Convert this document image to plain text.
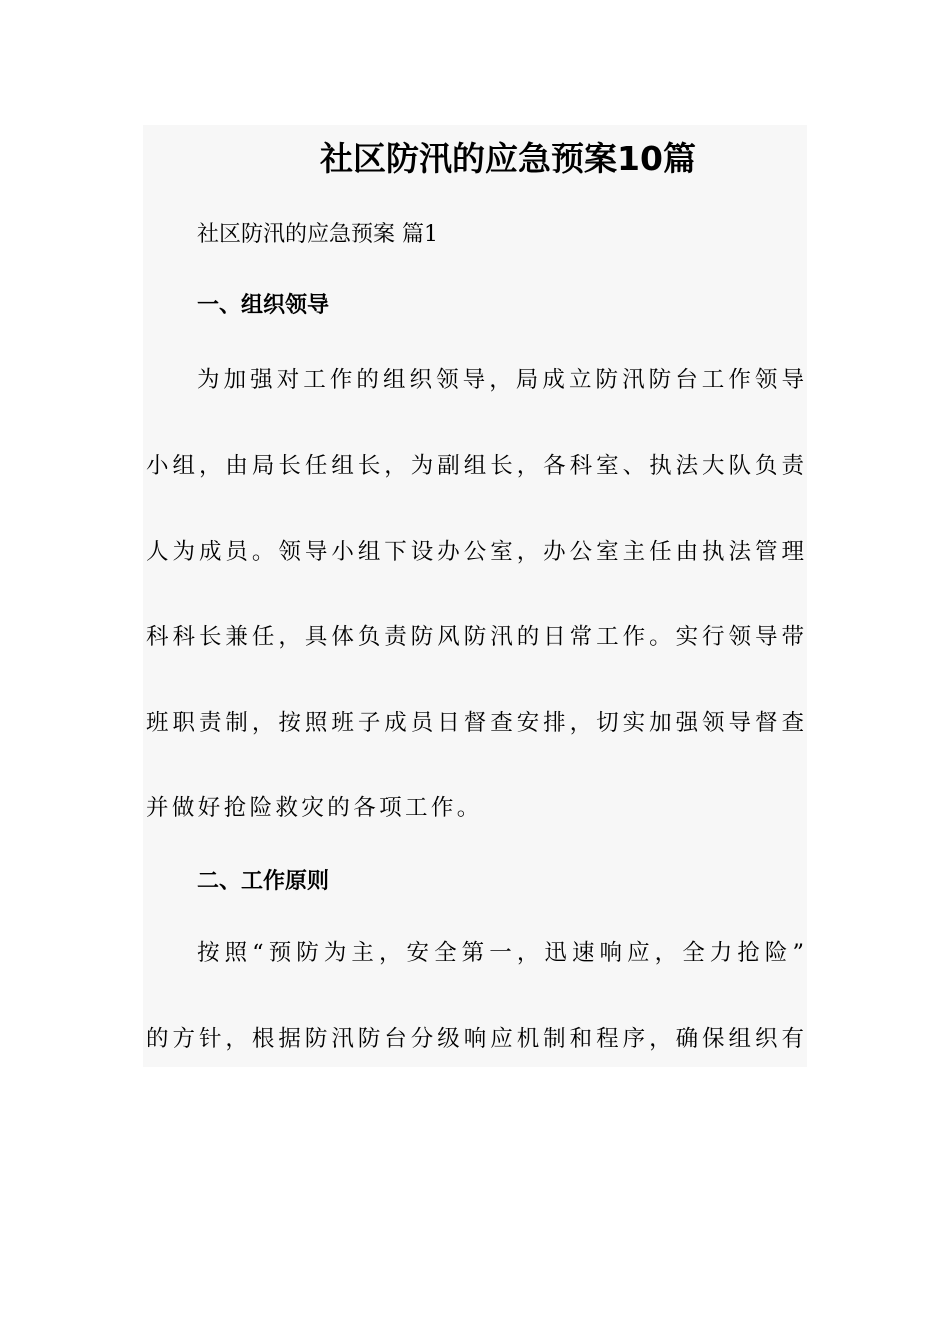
社区防汛的应急预案10篇
社区防汛的应急预案 篇1
一、组织领导
为加强对工作的组织领导，局成立防汛防台工作领导
小组，由局长任组长，为副组长，各科室、执法大队负责
人为成员。领导小组下设办公室，办公室主任由执法管理
科科长兼任，具体负责防风防汛的日常工作。实行领导带
班职责制，按照班子成员日督查安排，切实加强领导督查
并做好抢险救灾的各项工作。
二、工作原则
按照“预防为主，安全第一，迅速响应，全力抢险”
的方针，根据防汛防台分级响应机制和程序，确保组织有
